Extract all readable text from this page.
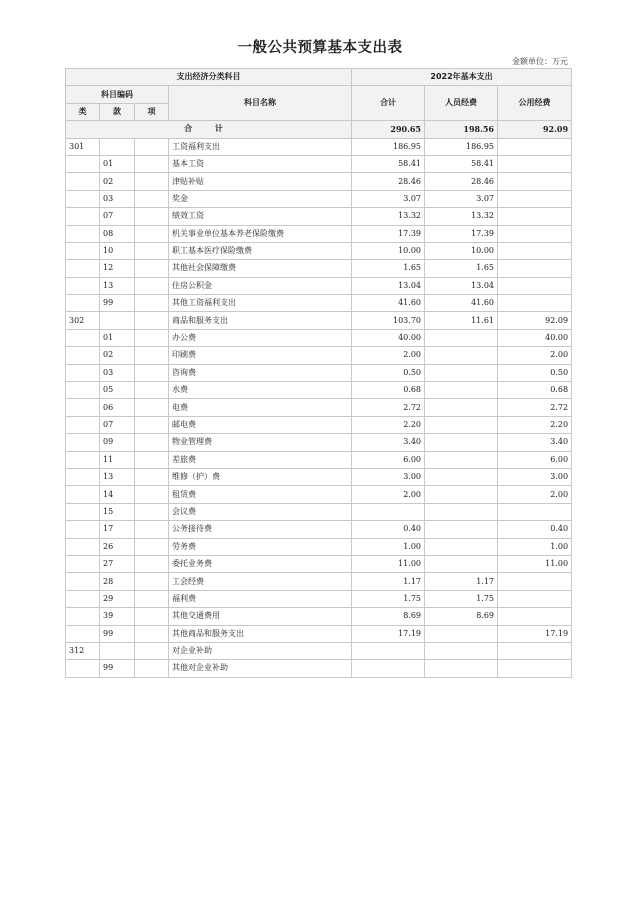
一般公共预算基本支出表
金额单位：万元
支出经济分类科目				2022年基本支出		
科目编码			科目名称	合计	人员经费	公用经费
类	款	项				
合 计				290.65	198.56	92.09
301			工资福利支出	186.95	186.95	
	01		基本工资	58.41	58.41	
	02		津贴补贴	28.46	28.46	
	03		奖金	3.07	3.07	
	07		绩效工资	13.32	13.32	
	08		机关事业单位基本养老保险缴费	17.39	17.39	
	10		职工基本医疗保险缴费	10.00	10.00	
	12		其他社会保障缴费	1.65	1.65	
	13		住房公积金	13.04	13.04	
	99		其他工资福利支出	41.60	41.60	
302			商品和服务支出	103.70	11.61	92.09
	01		办公费	40.00		40.00
	02		印刷费	2.00		2.00
	03		咨询费	0.50		0.50
	05		水费	0.68		0.68
	06		电费	2.72		2.72
	07		邮电费	2.20		2.20
	09		物业管理费	3.40		3.40
	11		差旅费	6.00		6.00
	13		维修（护）费	3.00		3.00
	14		租赁费	2.00		2.00
	15		会议费			
	17		公务接待费	0.40		0.40
	26		劳务费	1.00		1.00
	27		委托业务费	11.00		11.00
	28		工会经费	1.17	1.17	
	29		福利费	1.75	1.75	
	39		其他交通费用	8.69	8.69	
	99		其他商品和服务支出	17.19		17.19
312			对企业补助			
	99		其他对企业补助			
